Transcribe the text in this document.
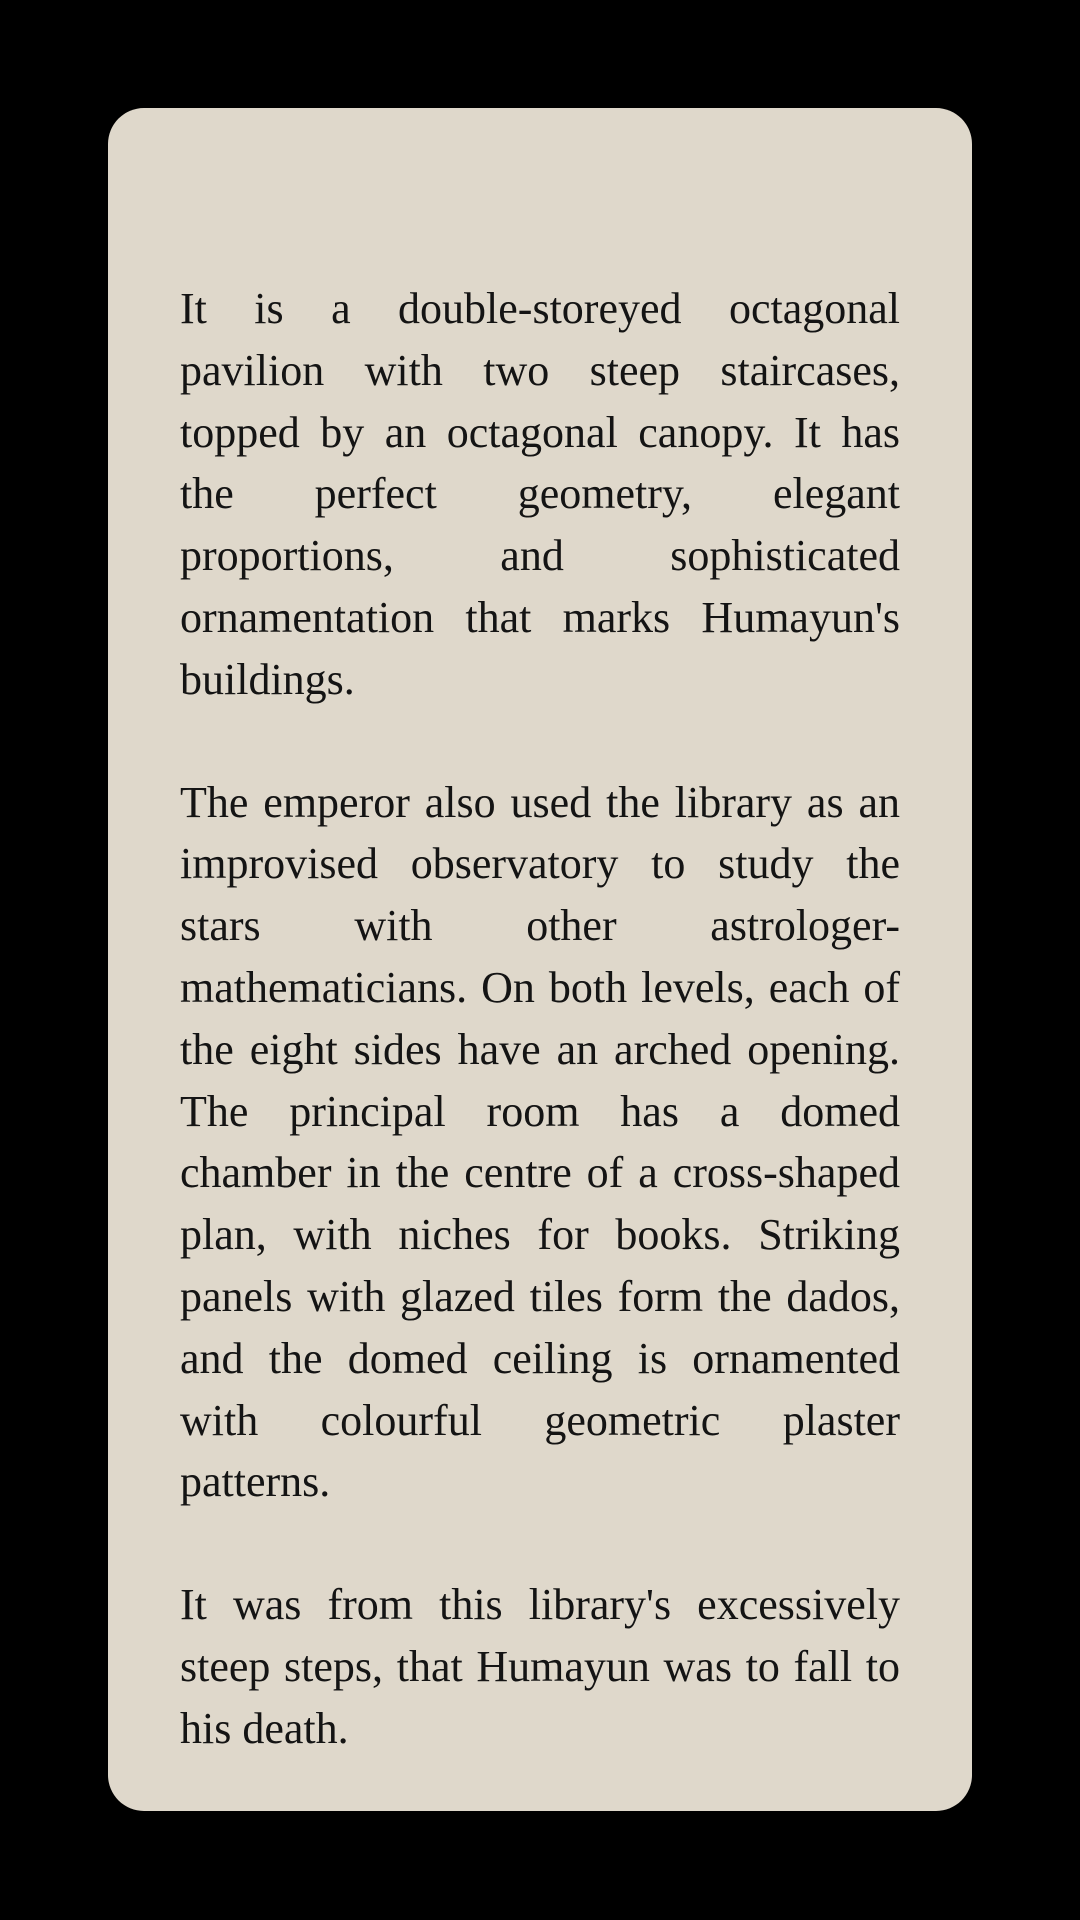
It is a double-storeyed octagonal pavilion with two steep staircases, topped by an octagonal canopy. It has the perfect geometry, elegant proportions, and sophisticated ornamentation that marks Humayun's buildings.

The emperor also used the library as an improvised observatory to study the stars with other astrologer-mathematicians. On both levels, each of the eight sides have an arched opening. The principal room has a domed chamber in the centre of a cross-shaped plan, with niches for books. Striking panels with glazed tiles form the dados, and the domed ceiling is ornamented with colourful geometric plaster patterns.

It was from this library's excessively steep steps, that Humayun was to fall to his death.
